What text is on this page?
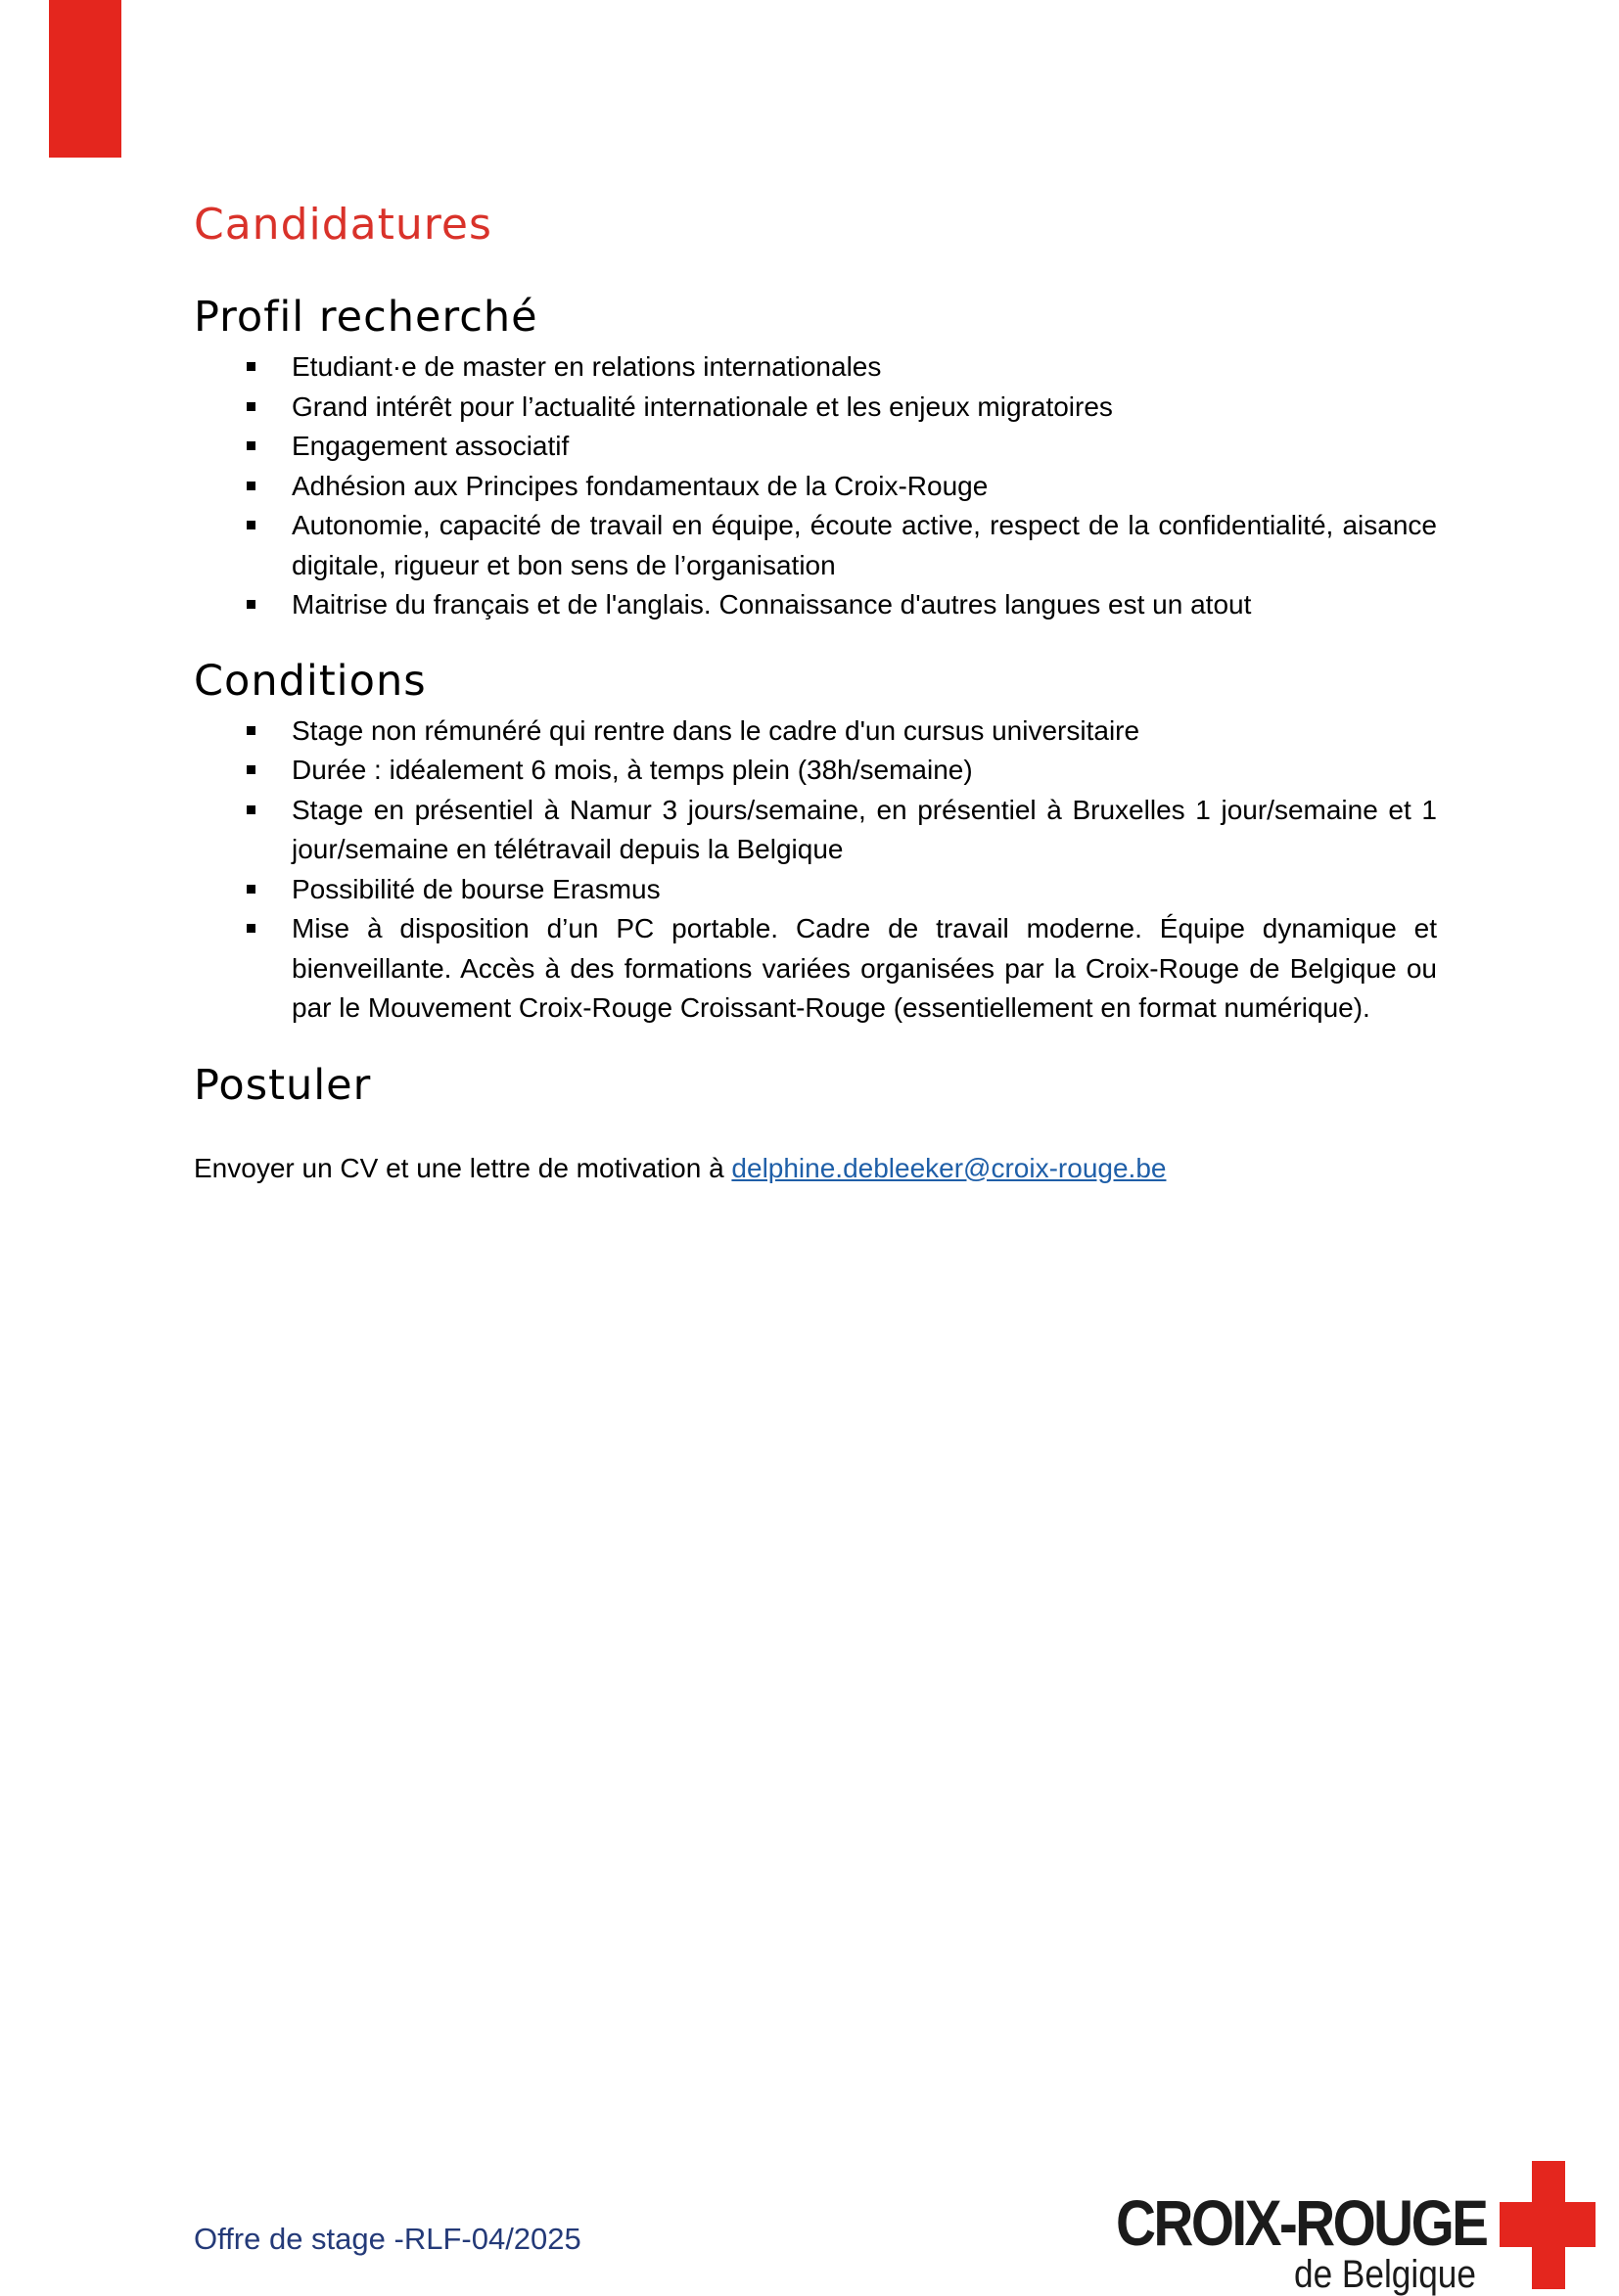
Candidatures
Profil recherché
Etudiant·e de master en relations internationales
Grand intérêt pour l’actualité internationale et les enjeux migratoires
Engagement associatif
Adhésion aux Principes fondamentaux de la Croix-Rouge
Autonomie, capacité de travail en équipe, écoute active, respect de la confidentialité, aisance digitale, rigueur et bon sens de l’organisation
Maitrise du français et de l'anglais. Connaissance d'autres langues est un atout
Conditions
Stage non rémunéré qui rentre dans le cadre d'un cursus universitaire
Durée : idéalement 6 mois, à temps plein (38h/semaine)
Stage en présentiel à Namur 3 jours/semaine, en présentiel à Bruxelles 1 jour/semaine et 1 jour/semaine en télétravail depuis la Belgique
Possibilité de bourse Erasmus
Mise à disposition d’un PC portable. Cadre de travail moderne. Équipe dynamique et bienveillante. Accès à des formations variées organisées par la Croix-Rouge de Belgique ou par le Mouvement Croix-Rouge Croissant-Rouge (essentiellement en format numérique).
Postuler
Envoyer un CV et une lettre de motivation à delphine.debleeker@croix-rouge.be
Offre de stage -RLF-04/2025	CROIX-ROUGE
de Belgique
